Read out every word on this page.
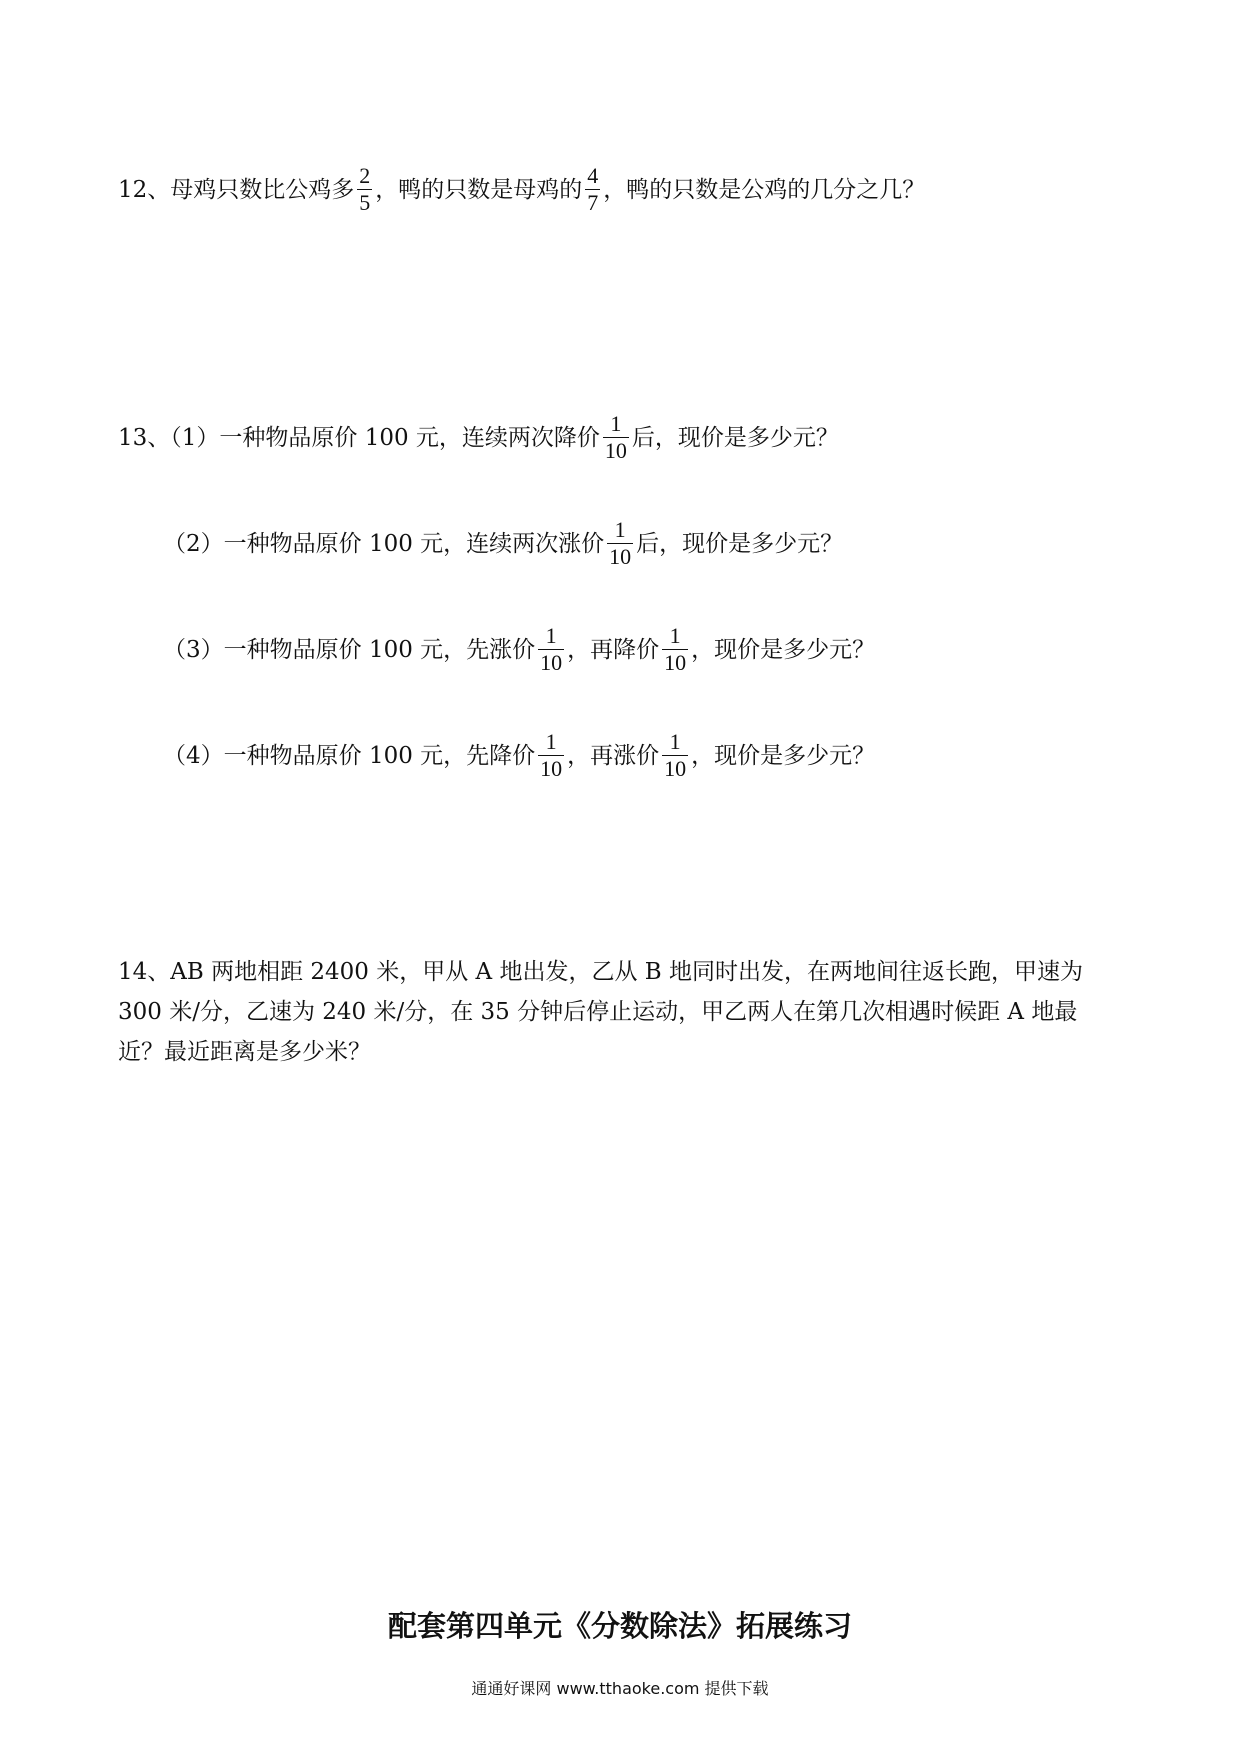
12、母鸡只数比公鸡多 $\frac{2}{5}$ ，鸭的只数是母鸡的 $\frac{4}{7}$ ，鸭的只数是公鸡的几分之几？
13、（1）一种物品原价 100 元，连续两次降价 $\frac{1}{10}$ 后，现价是多少元？
（2）一种物品原价 100 元，连续两次涨价 $\frac{1}{10}$ 后，现价是多少元？
（3）一种物品原价 100 元，先涨价 $\frac{1}{10}$ ，再降价 $\frac{1}{10}$ ，现价是多少元？
（4）一种物品原价 100 元，先降价 $\frac{1}{10}$ ，再涨价 $\frac{1}{10}$ ，现价是多少元？
14、AB 两地相距 2400 米，甲从 A 地出发，乙从 B 地同时出发，在两地间往返长跑，甲速为
300 米/分，乙速为 240 米/分，在 35 分钟后停止运动，甲乙两人在第几次相遇时候距 A 地最
近？最近距离是多少米？
配套第四单元《分数除法》拓展练习
通通好课网 www.tthaoke.com 提供下载
